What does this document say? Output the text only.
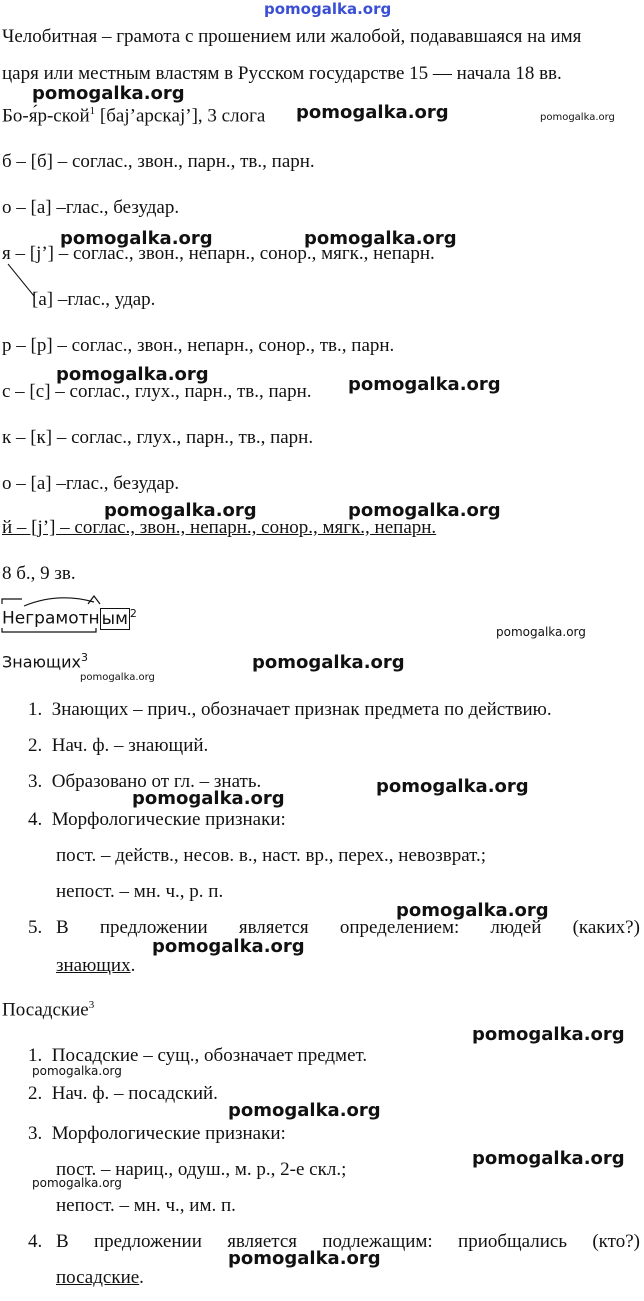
Челобитная – грамота с прошением или жалобой, подававшаяся на имя
царя или местным властям в Русском государстве 15 — начала 18 вв.
Бо-я́р-ской$^1$ [бaj’apcкaj’], 3 слога
б – [б] – соглас., звон., парн., тв., парн.
о – [a] –глас., безудар.
я – [j’] – соглас., звон., непарн., сонор., мягк., непарн.
[a] –глас., удар.
р – [р] – соглас., звон., непарн., сонор., тв., парн.
с – [с] – соглас., глух., парн., тв., парн.
к – [к] – соглас., глух., парн., тв., парн.
о – [a] –глас., безудар.
й – [j’] – соглас., звон., непарн., сонор., мягк., непарн.
8 б., 9 зв.
Неграмотн ым $^2$
Знающих$^3$
1. Знающих – прич., обозначает признак предмета по действию.
2. Нач. ф. – знающий.
3. Образовано от гл. – знать.
4. Морфологические признаки:
пост. – действ., несов. в., наст. вр., перех., невозврат.;
непост. – мн. ч., р. п.
5. В предложении является определением: людей (каких?)
знающих.
Посадские$^3$
1. Посадские – сущ., обозначает предмет.
2. Нач. ф. – посадский.
3. Морфологические признаки:
пост. – нариц., одуш., м. р., 2-е скл.;
непост. – мн. ч., им. п.
4. В предложении является подлежащим: приобщались (кто?)
посадские.
pomogalka.org
pomogalka.org
pomogalka.org	pomogalka.org
pomogalka.org	pomogalka.org
pomogalka.org	pomogalka.org
pomogalka.org	pomogalka.org
pomogalka.org
pomogalka.org
pomogalka.org
pomogalka.org
pomogalka.org
pomogalka.org
pomogalka.org
pomogalka.org
pomogalka.org
pomogalka.org
pomogalka.org
pomogalka.org
pomogalka.org
